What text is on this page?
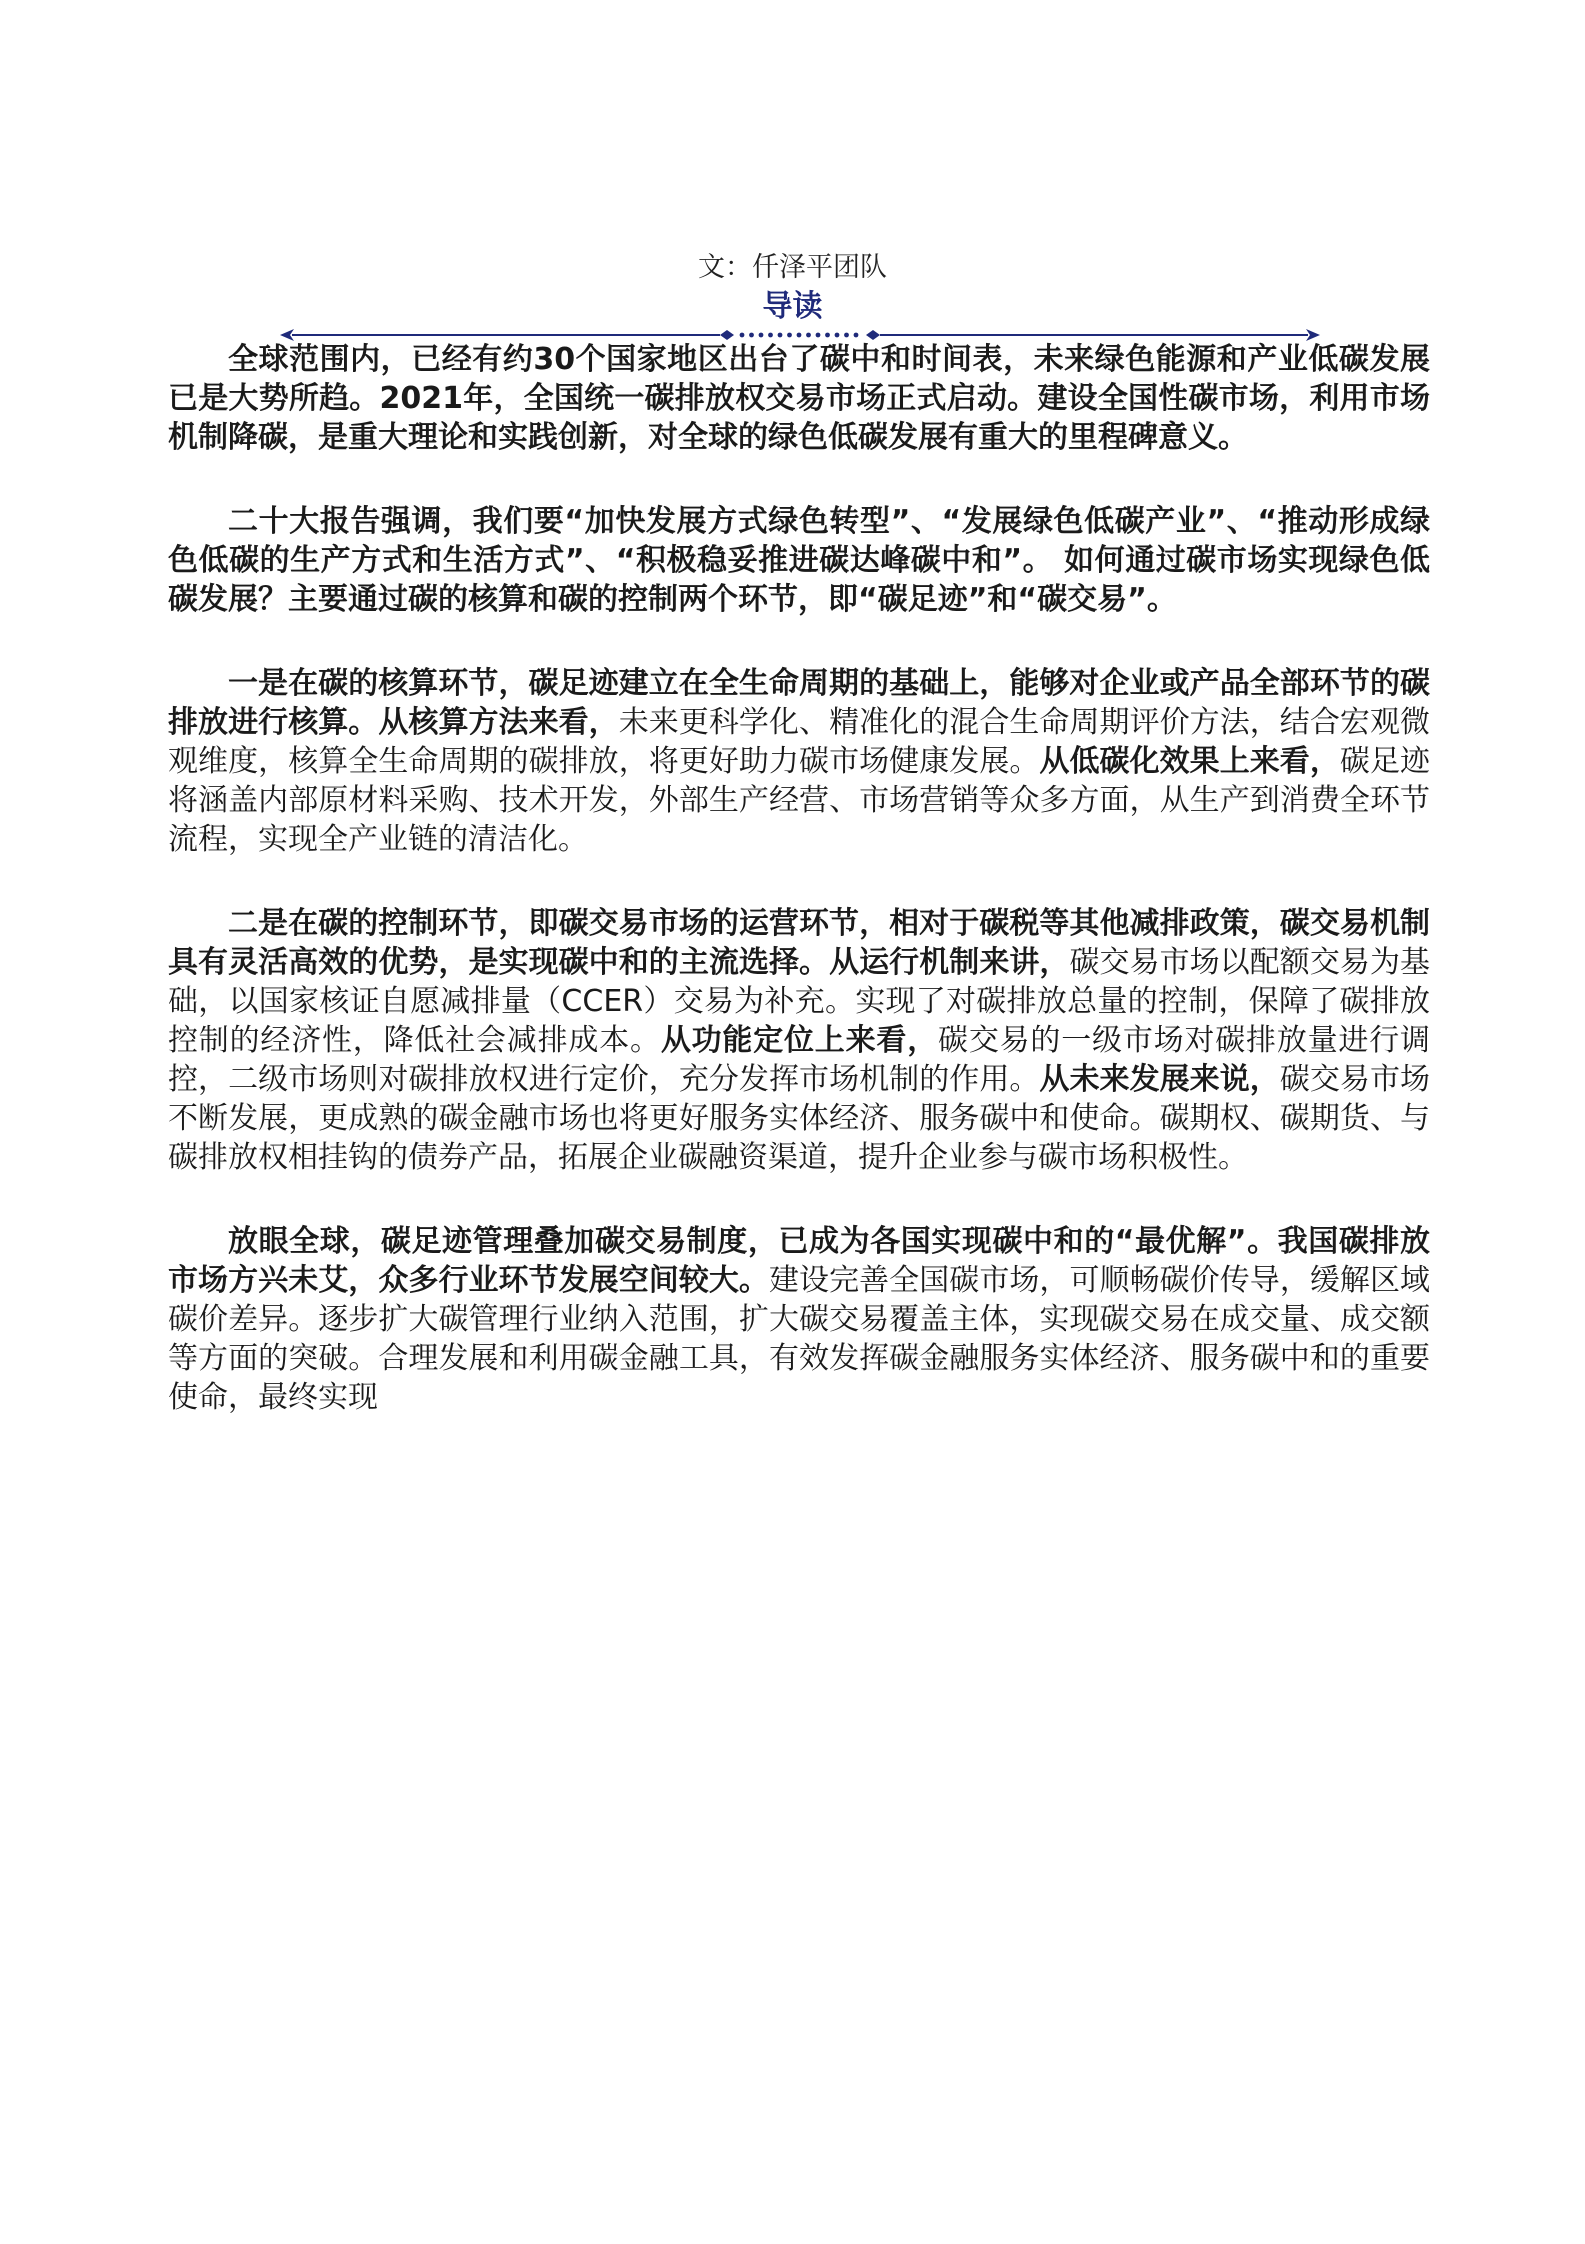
文：仟泽平团队
导读

全球范围内，已经有约30个国家地区出台了碳中和时间表，未来绿色能源和产业低碳发展已是大势所趋。2021年，全国统一碳排放权交易市场正式启动。建设全国性碳市场，利用市场机制降碳，是重大理论和实践创新，对全球的绿色低碳发展有重大的里程碑意义。

二十大报告强调，我们要“加快发展方式绿色转型”、“发展绿色低碳产业”、“推动形成绿色低碳的生产方式和生活方式”、“积极稳妥推进碳达峰碳中和”。 如何通过碳市场实现绿色低碳发展？主要通过碳的核算和碳的控制两个环节，即“碳足迹”和“碳交易”。

一是在碳的核算环节，碳足迹建立在全生命周期的基础上，能够对企业或产品全部环节的碳排放进行核算。从核算方法来看，未来更科学化、精准化的混合生命周期评价方法，结合宏观微观维度，核算全生命周期的碳排放，将更好助力碳市场健康发展。从低碳化效果上来看，碳足迹将涵盖内部原材料采购、技术开发，外部生产经营、市场营销等众多方面，从生产到消费全环节流程，实现全产业链的清洁化。

二是在碳的控制环节，即碳交易市场的运营环节，相对于碳税等其他减排政策，碳交易机制具有灵活高效的优势，是实现碳中和的主流选择。从运行机制来讲，碳交易市场以配额交易为基础，以国家核证自愿减排量（CCER）交易为补充。实现了对碳排放总量的控制，保障了碳排放控制的经济性，降低社会减排成本。从功能定位上来看，碳交易的一级市场对碳排放量进行调控，二级市场则对碳排放权进行定价，充分发挥市场机制的作用。从未来发展来说，碳交易市场不断发展，更成熟的碳金融市场也将更好服务实体经济、服务碳中和使命。碳期权、碳期货、与碳排放权相挂钩的债券产品，拓展企业碳融资渠道，提升企业参与碳市场积极性。

放眼全球，碳足迹管理叠加碳交易制度，已成为各国实现碳中和的“最优解”。我国碳排放市场方兴未艾，众多行业环节发展空间较大。建设完善全国碳市场，可顺畅碳价传导，缓解区域碳价差异。逐步扩大碳管理行业纳入范围，扩大碳交易覆盖主体，实现碳交易在成交量、成交额等方面的突破。合理发展和利用碳金融工具，有效发挥碳金融服务实体经济、服务碳中和的重要使命，最终实现
